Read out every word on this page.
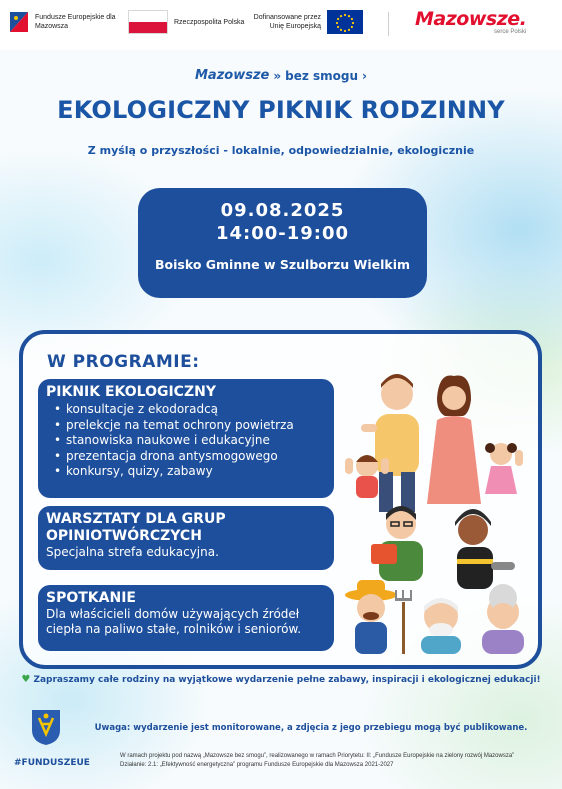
Fundusze Europejskie dla Mazowsza
Rzeczpospolita Polska
Dofinansowane przez Unię Europejską	Mazowsze.
serce Polski
Mazowsze » bez smogu ›
EKOLOGICZNY PIKNIK RODZINNY
Z myślą o przyszłości - lokalnie, odpowiedzialnie, ekologicznie
09.08.2025
14:00-19:00
Boisko Gminne w Szulborzu Wielkim
W PROGRAMIE:
PIKNIK EKOLOGICZNY
• konsultacje z ekodoradcą
• prelekcje na temat ochrony powietrza
• stanowiska naukowe i edukacyjne
• prezentacja drona antysmogowego
• konkursy, quizy, zabawy
WARSZTATY DLA GRUP OPINIOTWÓRCZYCH
Specjalna strefa edukacyjna.
SPOTKANIE
Dla właścicieli domów używających źródeł ciepła na paliwo stałe, rolników i seniorów.
♥ Zapraszamy całe rodziny na wyjątkowe wydarzenie pełne zabawy, inspiracji i ekologicznej edukacji!
Uwaga: wydarzenie jest monitorowane, a zdjęcia z jego przebiegu mogą być publikowane.
#FUNDUSZEUE
W ramach projektu pod nazwą „Mazowsze bez smogu”, realizowanego w ramach Priorytetu: II: „Fundusze Europejskie na zielony rozwój Mazowsza” Działanie: 2.1: „Efektywność energetyczna” programu Fundusze Europejskie dla Mazowsza 2021-2027
